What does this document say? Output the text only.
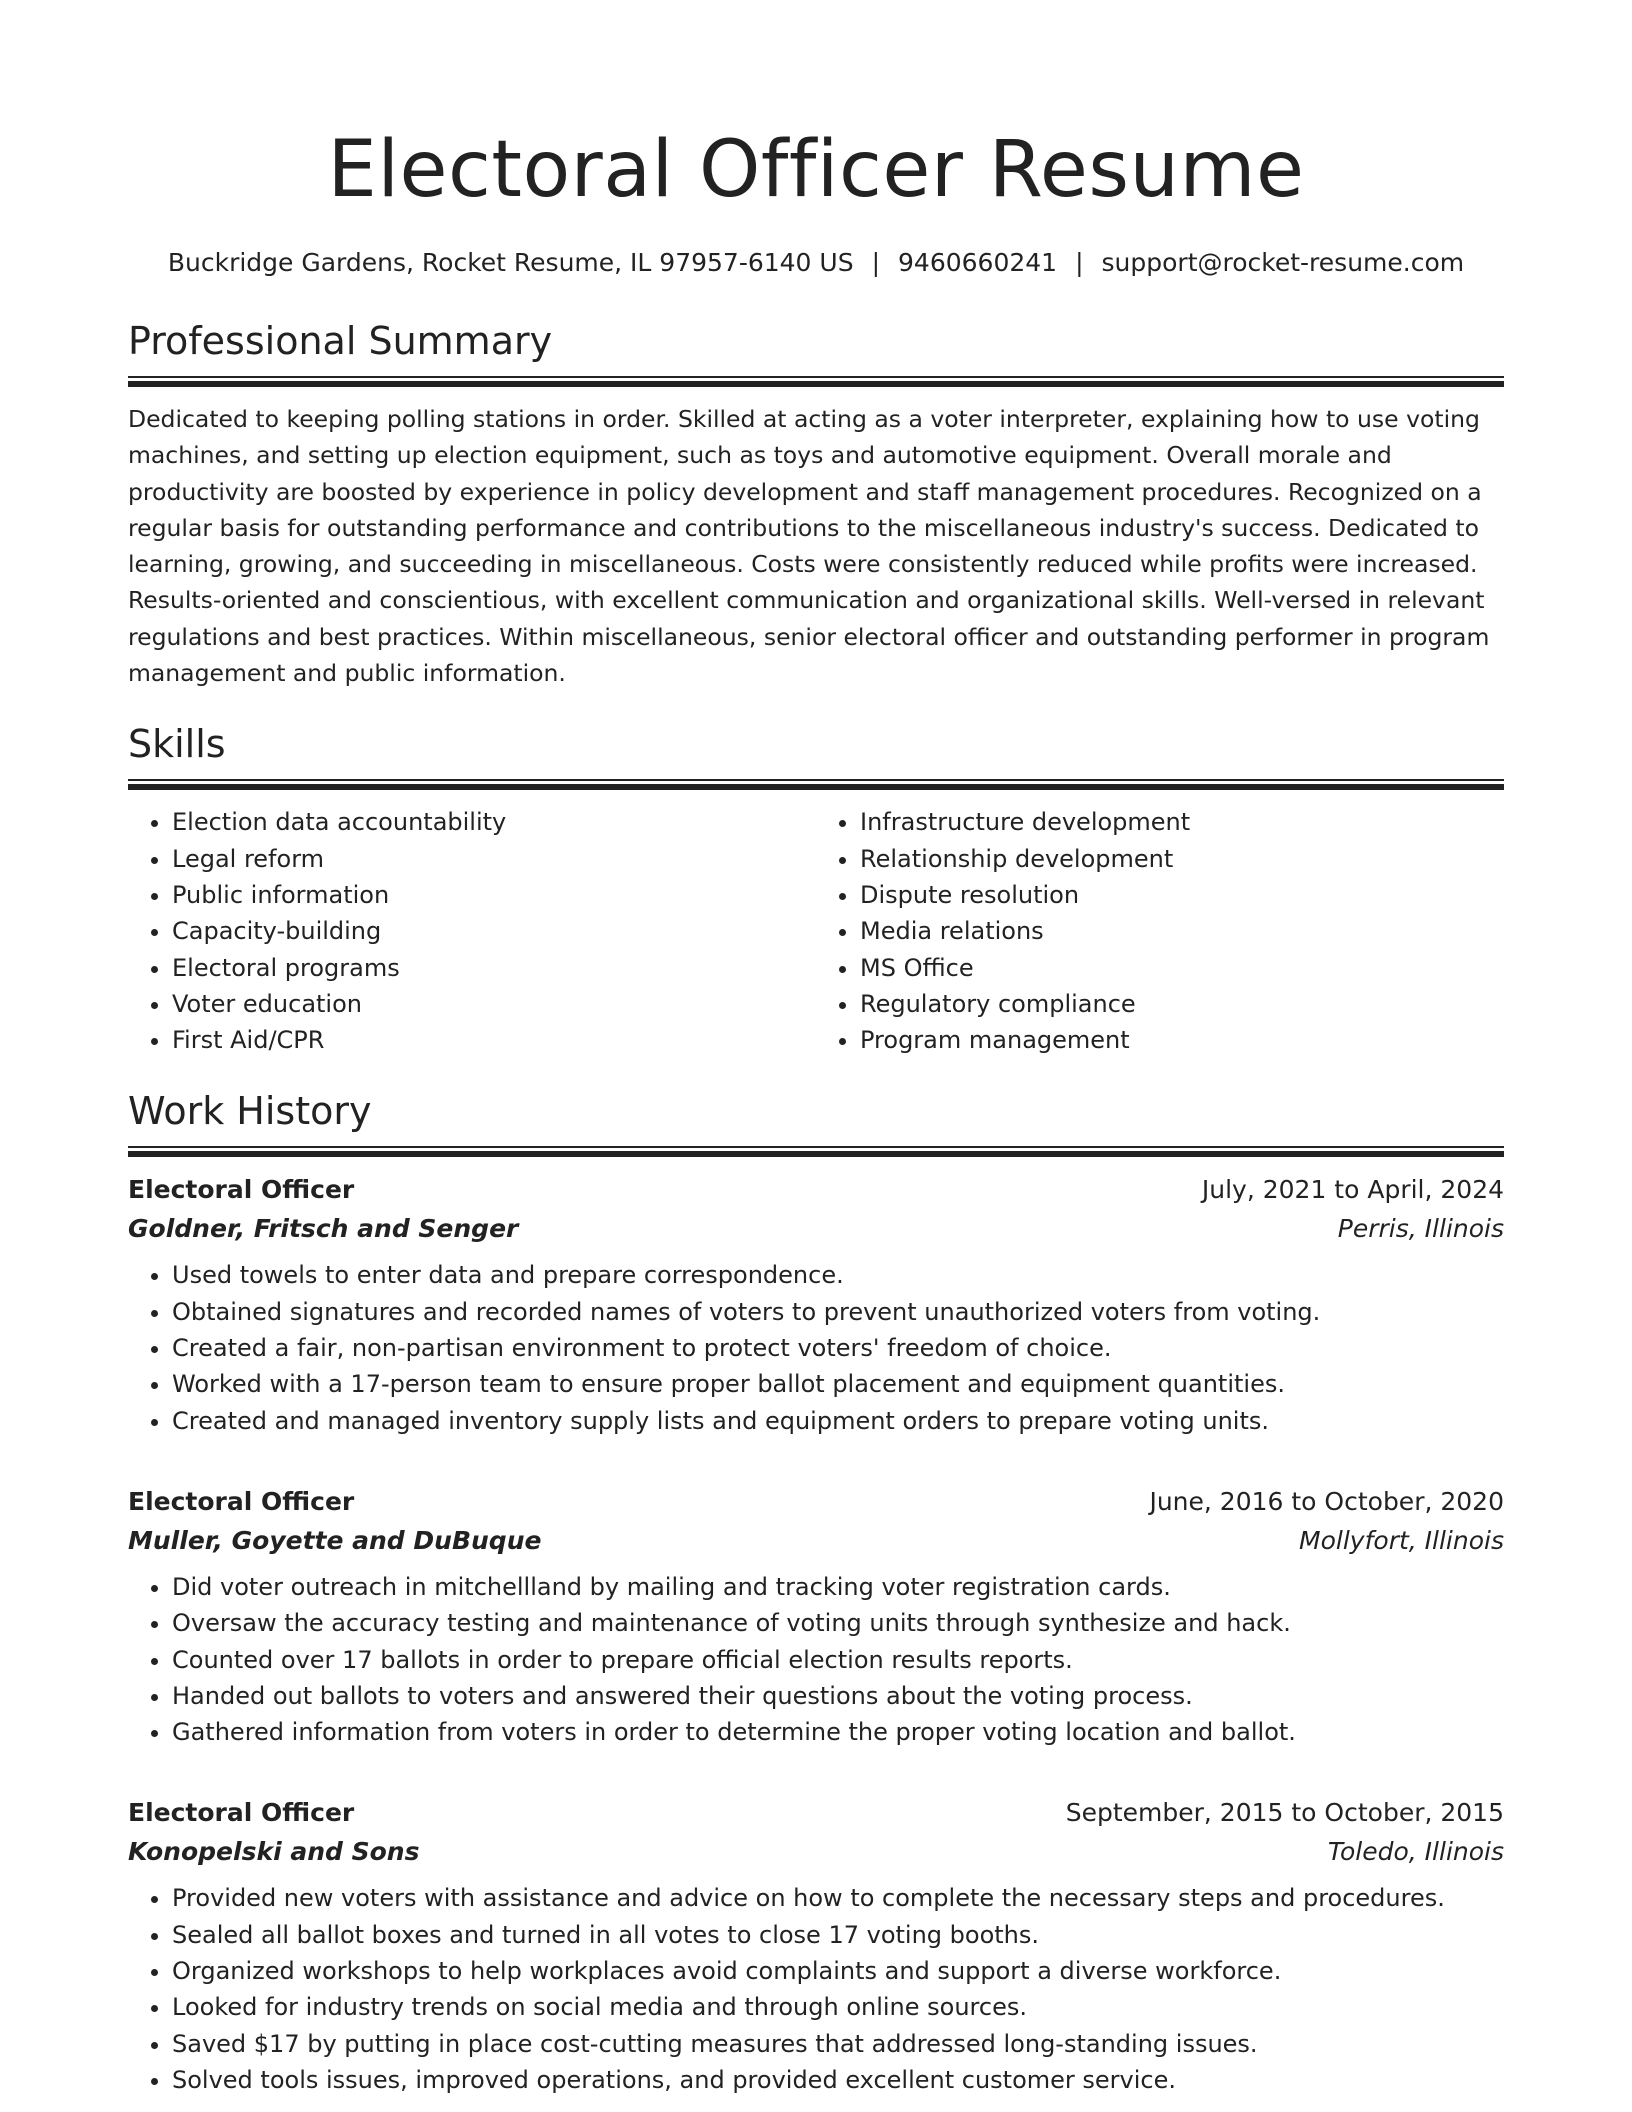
Electoral Officer Resume
Buckridge Gardens, Rocket Resume, IL 97957-6140 US | 9460660241 | support@rocket-resume.com
Professional Summary

Dedicated to keeping polling stations in order. Skilled at acting as a voter interpreter, explaining how to use voting machines, and setting up election equipment, such as toys and automotive equipment. Overall morale and productivity are boosted by experience in policy development and staff management procedures. Recognized on a regular basis for outstanding performance and contributions to the miscellaneous industry's success. Dedicated to learning, growing, and succeeding in miscellaneous. Costs were consistently reduced while profits were increased. Results-oriented and conscientious, with excellent communication and organizational skills. Well-versed in relevant regulations and best practices. Within miscellaneous, senior electoral officer and outstanding performer in program management and public information.

Skills
• Election data accountability
• Legal reform
• Public information
• Capacity-building
• Electoral programs
• Voter education
• First Aid/CPR
• Infrastructure development
• Relationship development
• Dispute resolution
• Media relations
• MS Office
• Regulatory compliance
• Program management
Work History
Electoral Officer	July, 2021 to April, 2024
Goldner, Fritsch and Senger	Perris, Illinois
• Used towels to enter data and prepare correspondence.
• Obtained signatures and recorded names of voters to prevent unauthorized voters from voting.
• Created a fair, non-partisan environment to protect voters' freedom of choice.
• Worked with a 17-person team to ensure proper ballot placement and equipment quantities.
• Created and managed inventory supply lists and equipment orders to prepare voting units.
Electoral Officer	June, 2016 to October, 2020
Muller, Goyette and DuBuque	Mollyfort, Illinois
• Did voter outreach in mitchellland by mailing and tracking voter registration cards.
• Oversaw the accuracy testing and maintenance of voting units through synthesize and hack.
• Counted over 17 ballots in order to prepare official election results reports.
• Handed out ballots to voters and answered their questions about the voting process.
• Gathered information from voters in order to determine the proper voting location and ballot.
Electoral Officer	September, 2015 to October, 2015
Konopelski and Sons	Toledo, Illinois
• Provided new voters with assistance and advice on how to complete the necessary steps and procedures.
• Sealed all ballot boxes and turned in all votes to close 17 voting booths.
• Organized workshops to help workplaces avoid complaints and support a diverse workforce.
• Looked for industry trends on social media and through online sources.
• Saved $17 by putting in place cost-cutting measures that addressed long-standing issues.
• Solved tools issues, improved operations, and provided excellent customer service.
